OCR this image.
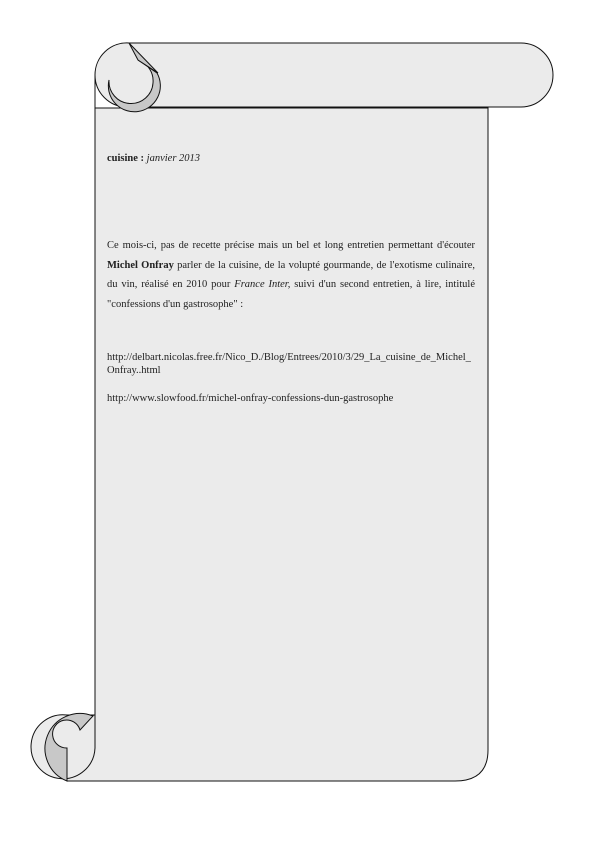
cuisine : janvier 2013
Ce mois-ci, pas de recette précise mais un bel et long entretien permettant d'écouter Michel Onfray parler de la cuisine, de la volupté gourmande, de l'exotisme culinaire, du vin, réalisé en 2010 pour France Inter, suivi d'un second entretien, à lire, intitulé "confessions d'un gastrosophe" :
http://delbart.nicolas.free.fr/Nico_D./Blog/Entrees/2010/3/29_La_cuisine_de_Michel_Onfray..html
http://www.slowfood.fr/michel-onfray-confessions-dun-gastrosophe
